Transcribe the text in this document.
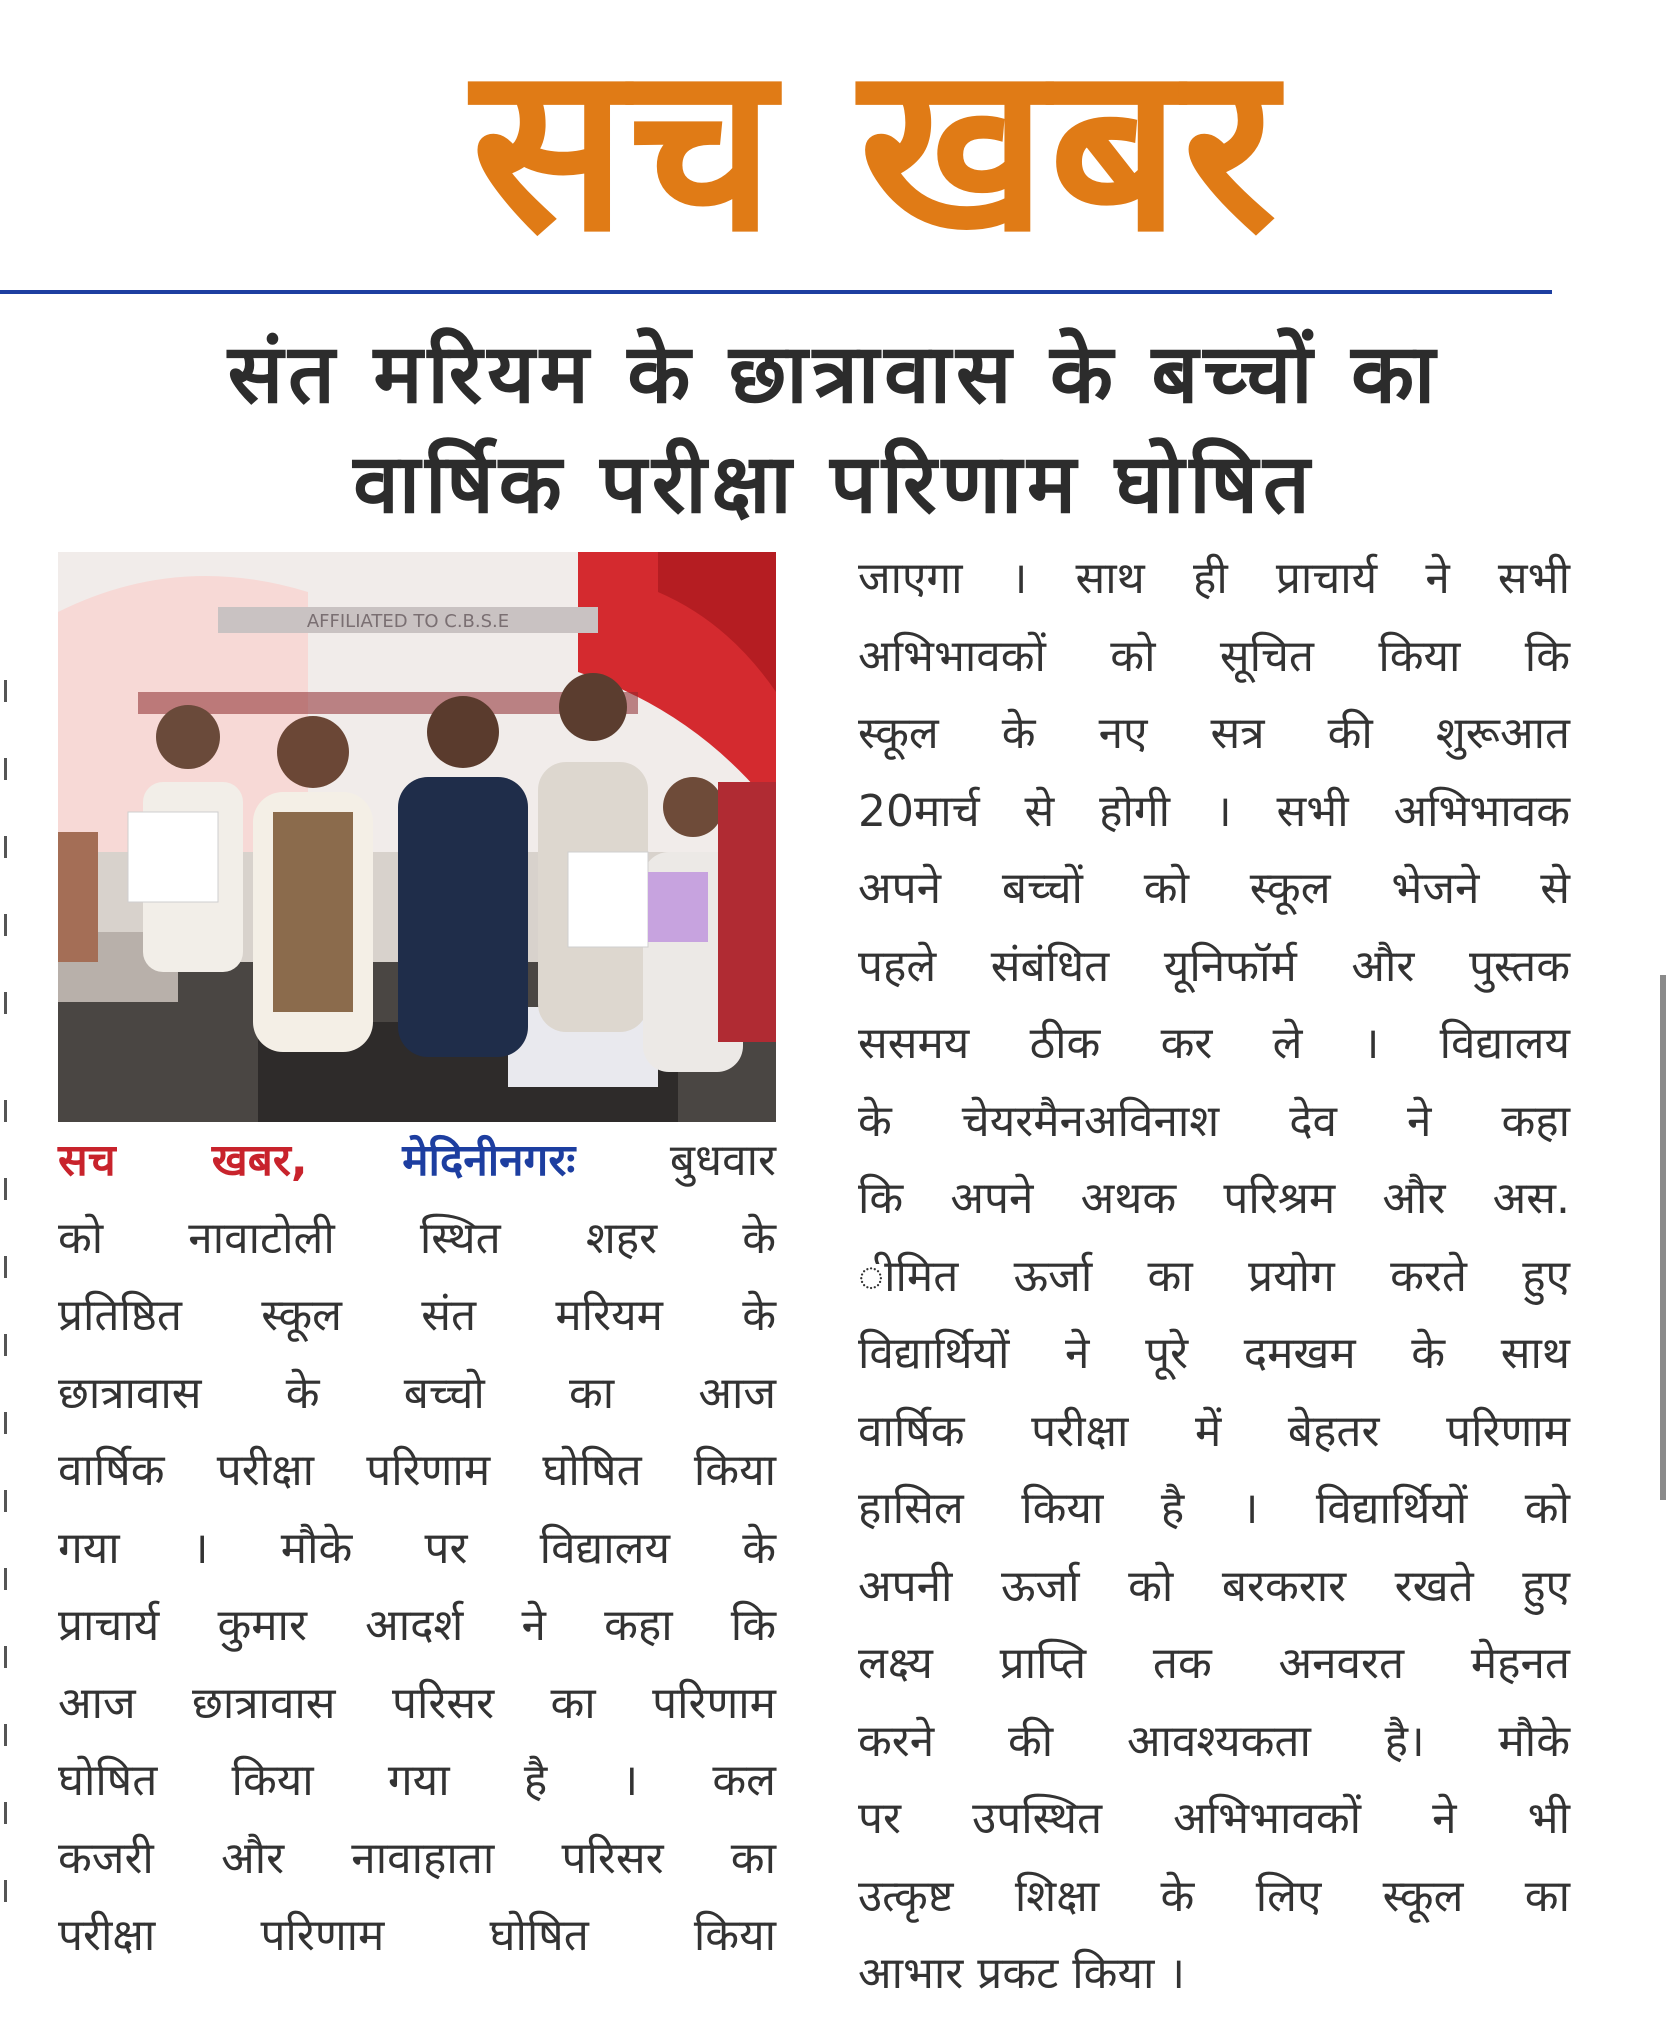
सच खबर
संत मरियम के छात्रावास के बच्चों का
वार्षिक परीक्षा परिणाम घोषित
AFFILIATED TO C.B.S.E
सच खबर, मेदिनीनगरः बुधवार
को नावाटोली स्थित शहर के
प्रतिष्ठित स्कूल संत मरियम के
छात्रावास के बच्चो का आज
वार्षिक परीक्षा परिणाम घोषित किया
गया । मौके पर विद्यालय के
प्राचार्य कुमार आदर्श ने कहा कि
आज छात्रावास परिसर का परिणाम
घोषित किया गया है । कल
कजरी और नावाहाता परिसर का
परीक्षा परिणाम घोषित किया
जाएगा । साथ ही प्राचार्य ने सभी
अभिभावकों को सूचित किया कि
स्कूल के नए सत्र की शुरूआत
20मार्च से होगी । सभी अभिभावक
अपने बच्चों को स्कूल भेजने से
पहले संबंधित यूनिफॉर्म और पुस्तक
ससमय ठीक कर ले । विद्यालय
के चेयरमैनअविनाश देव ने कहा
कि अपने अथक परिश्रम और अस.
ीमित ऊर्जा का प्रयोग करते हुए
विद्यार्थियों ने पूरे दमखम के साथ
वार्षिक परीक्षा में बेहतर परिणाम
हासिल किया है । विद्यार्थियों को
अपनी ऊर्जा को बरकरार रखते हुए
लक्ष्य प्राप्ति तक अनवरत मेहनत
करने की आवश्यकता है। मौके
पर उपस्थित अभिभावकों ने भी
उत्कृष्ट शिक्षा के लिए स्कूल का
आभार प्रकट किया ।
